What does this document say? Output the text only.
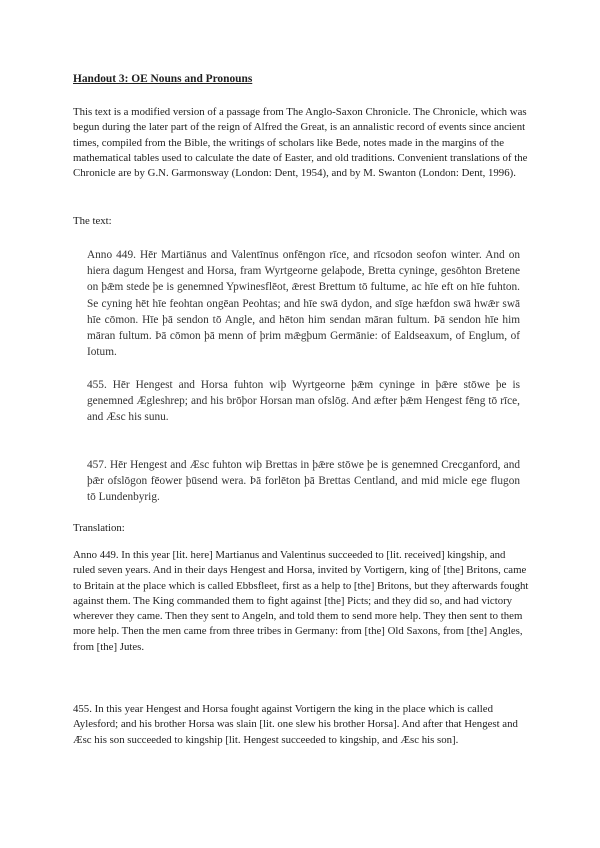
Handout 3: OE Nouns and Pronouns
This text is a modified version of a passage from The Anglo-Saxon Chronicle. The Chronicle, which was begun during the later part of the reign of Alfred the Great, is an annalistic record of events since ancient times, compiled from the Bible, the writings of scholars like Bede, notes made in the margins of the mathematical tables used to calculate the date of Easter, and old traditions. Convenient translations of the Chronicle are by G.N. Garmonsway (London: Dent, 1954), and by M. Swanton (London: Dent, 1996).
The text:
Anno 449. Hēr Martiānus and Valentīnus onfēngon rīce, and rīcsodon seofon winter. And on hiera dagum Hengest and Horsa, fram Wyrtgeorne gelaþode, Bretta cyninge, gesōhton Bretene on þǣm stede þe is genemned Ypwinesflēot, ǣrest Brettum tō fultume, ac hīe eft on hīe fuhton. Se cyning hēt hīe feohtan ongēan Peohtas; and hīe swā dydon, and sīge hæfdon swā hwǣr swā hīe cōmon. Hīe þā sendon tō Angle, and hēton him sendan māran fultum. Þā sendon hīe him māran fultum. Þā cōmon þā menn of þrim mǣgþum Germānie: of Ealdseaxum, of Englum, of Iotum.
455. Hēr Hengest and Horsa fuhton wiþ Wyrtgeorne þǣm cyninge in þǣre stōwe þe is genemned Ægleshrep; and his brōþor Horsan man ofslōg. And æfter þǣm Hengest fēng tō rīce, and Æsc his sunu.
457. Hēr Hengest and Æsc fuhton wiþ Brettas in þǣre stōwe þe is genemned Crecganford, and þǣr ofslōgon fēower þūsend wera. Þā forlēton þā Brettas Centland, and mid micle ege flugon tō Lundenbyrig.
Translation:
Anno 449. In this year [lit. here] Martianus and Valentinus succeeded to [lit. received] kingship, and ruled seven years. And in their days Hengest and Horsa, invited by Vortigern, king of [the] Britons, came to Britain at the place which is called Ebbsfleet, first as a help to [the] Britons, but they afterwards fought against them. The King commanded them to fight against [the] Picts; and they did so, and had victory wherever they came. Then they sent to Angeln, and told them to send more help. They then sent to them more help. Then the men came from three tribes in Germany: from [the] Old Saxons, from [the] Angles, from [the] Jutes.
455. In this year Hengest and Horsa fought against Vortigern the king in the place which is called Aylesford; and his brother Horsa was slain [lit. one slew his brother Horsa]. And after that Hengest and Æsc his son succeeded to kingship [lit. Hengest succeeded to kingship, and Æsc his son].
